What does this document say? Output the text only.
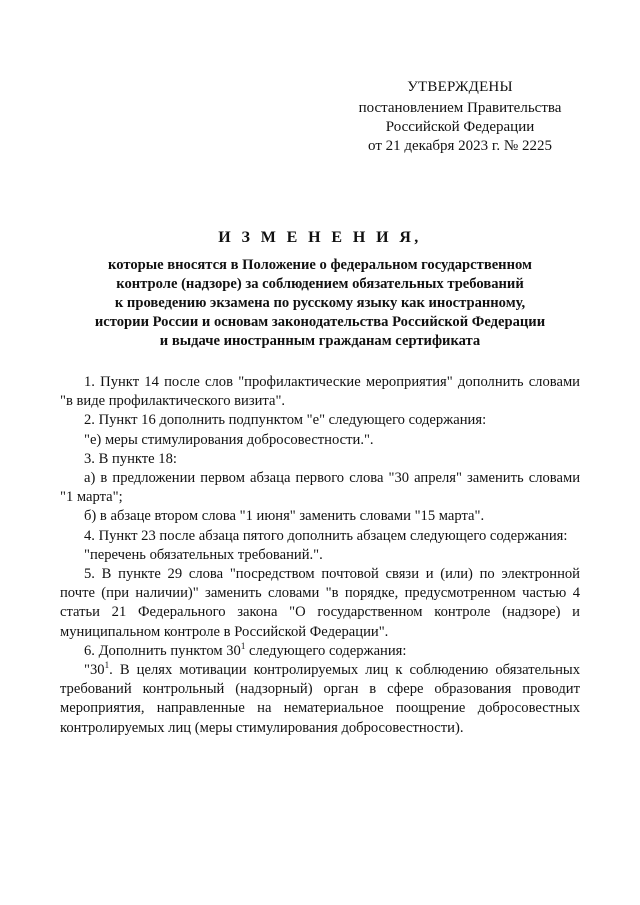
УТВЕРЖДЕНЫ
постановлением Правительства
Российской Федерации
от 21 декабря 2023 г. № 2225
И З М Е Н Е Н И Я,
которые вносятся в Положение о федеральном государственном
контроле (надзоре) за соблюдением обязательных требований
к проведению экзамена по русскому языку как иностранному,
истории России и основам законодательства Российской Федерации
и выдаче иностранным гражданам сертификата

1. Пункт 14 после слов "профилактические мероприятия" дополнить словами "в виде профилактического визита".

2. Пункт 16 дополнить подпунктом "е" следующего содержания:

"е) меры стимулирования добросовестности.".

3. В пункте 18:

а) в предложении первом абзаца первого слова "30 апреля" заменить словами "1 марта";

б) в абзаце втором слова "1 июня" заменить словами "15 марта".

4. Пункт 23 после абзаца пятого дополнить абзацем следующего содержания:

"перечень обязательных требований.".

5. В пункте 29 слова "посредством почтовой связи и (или) по электронной почте (при наличии)" заменить словами "в порядке, предусмотренном частью 4 статьи 21 Федерального закона "О государственном контроле (надзоре) и муниципальном контроле в Российской Федерации".

6. Дополнить пунктом 30$^1$ следующего содержания:

"30$^1$. В целях мотивации контролируемых лиц к соблюдению обязательных требований контрольный (надзорный) орган в сфере образования проводит мероприятия, направленные на нематериальное поощрение добросовестных контролируемых лиц (меры стимулирования добросовестности).
